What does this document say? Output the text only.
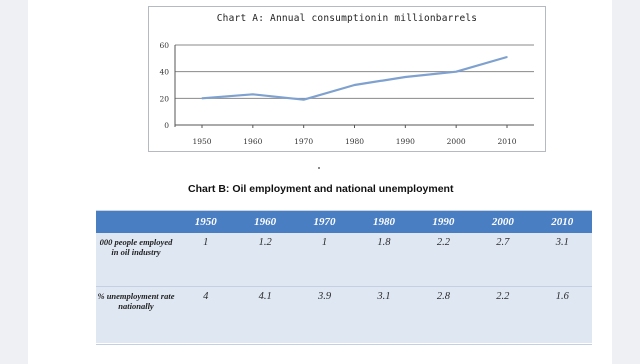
Chart A: Annual consumptionin millionbarrels
0
20
40
60
1950	1960	1970	1980	1990	2000	2010
Chart B: Oil employment and national unemployment
	1950	1960	1970	1980	1990	2000	2010
000 people employed in oil industry	1	1.2	1	1.8	2.2	2.7	3.1
% unemployment rate nationally	4	4.1	3.9	3.1	2.8	2.2	1.6
